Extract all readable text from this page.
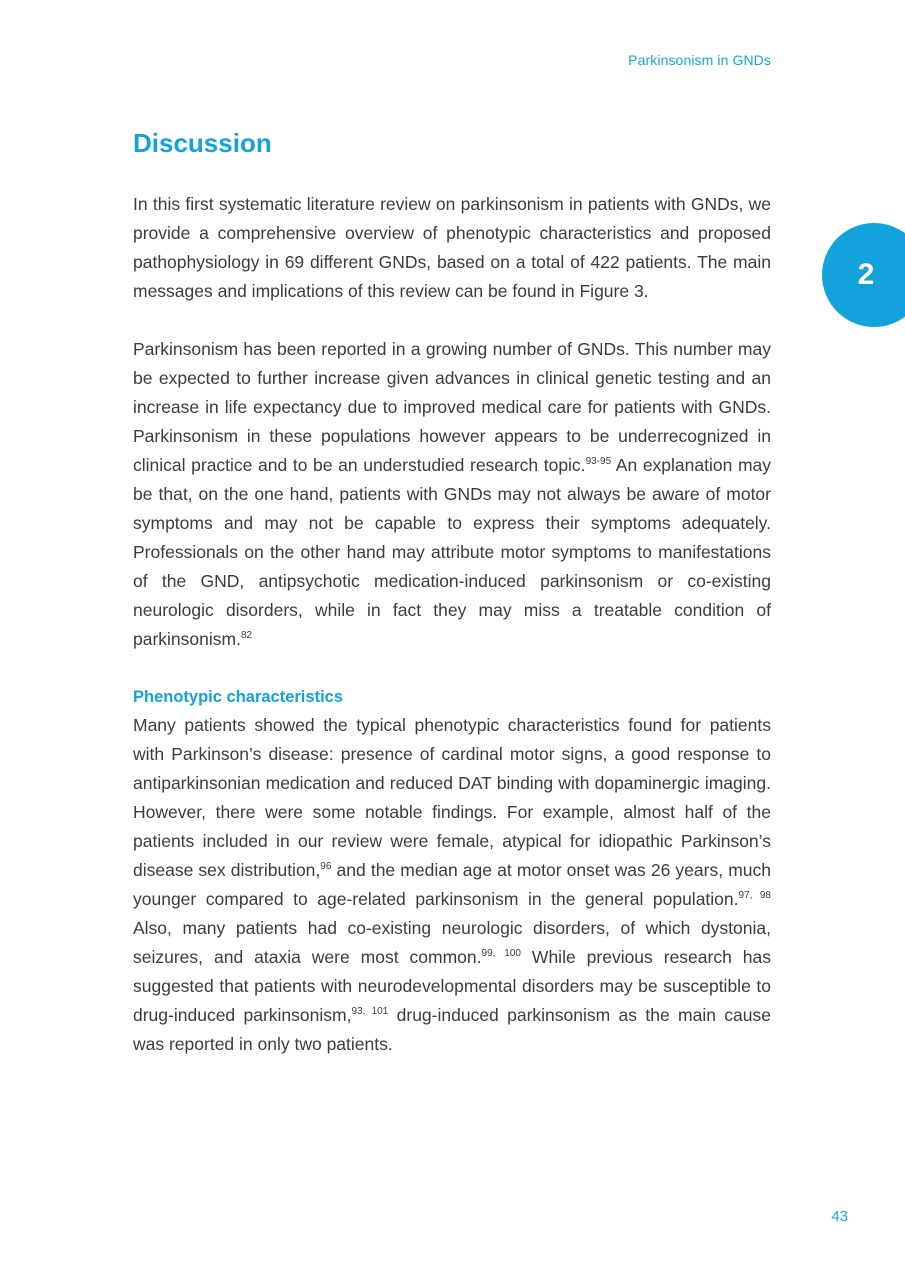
Parkinsonism in GNDs
2
Discussion

In this first systematic literature review on parkinsonism in patients with GNDs, we provide a comprehensive overview of phenotypic characteristics and proposed pathophysiology in 69 different GNDs, based on a total of 422 patients. The main messages and implications of this review can be found in Figure 3.

Parkinsonism has been reported in a growing number of GNDs. This number may be expected to further increase given advances in clinical genetic testing and an increase in life expectancy due to improved medical care for patients with GNDs. Parkinsonism in these populations however appears to be underrecognized in clinical practice and to be an understudied research topic.$^{93-95}$ An explanation may be that, on the one hand, patients with GNDs may not always be aware of motor symptoms and may not be capable to express their symptoms adequately. Professionals on the other hand may attribute motor symptoms to manifestations of the GND, antipsychotic medication-induced parkinsonism or co-existing neurologic disorders, while in fact they may miss a treatable condition of parkinsonism.$^{82}$

Phenotypic characteristics

Many patients showed the typical phenotypic characteristics found for patients with Parkinson’s disease: presence of cardinal motor signs, a good response to antiparkinsonian medication and reduced DAT binding with dopaminergic imaging. However, there were some notable findings. For example, almost half of the patients included in our review were female, atypical for idiopathic Parkinson’s disease sex distribution,$^{96}$ and the median age at motor onset was 26 years, much younger compared to age-related parkinsonism in the general population.$^{97, 98}$ Also, many patients had co-existing neurologic disorders, of which dystonia, seizures, and ataxia were most common.$^{99, 100}$ While previous research has suggested that patients with neurodevelopmental disorders may be susceptible to drug-induced parkinsonism,$^{93, 101}$ drug-induced parkinsonism as the main cause was reported in only two patients.

43
